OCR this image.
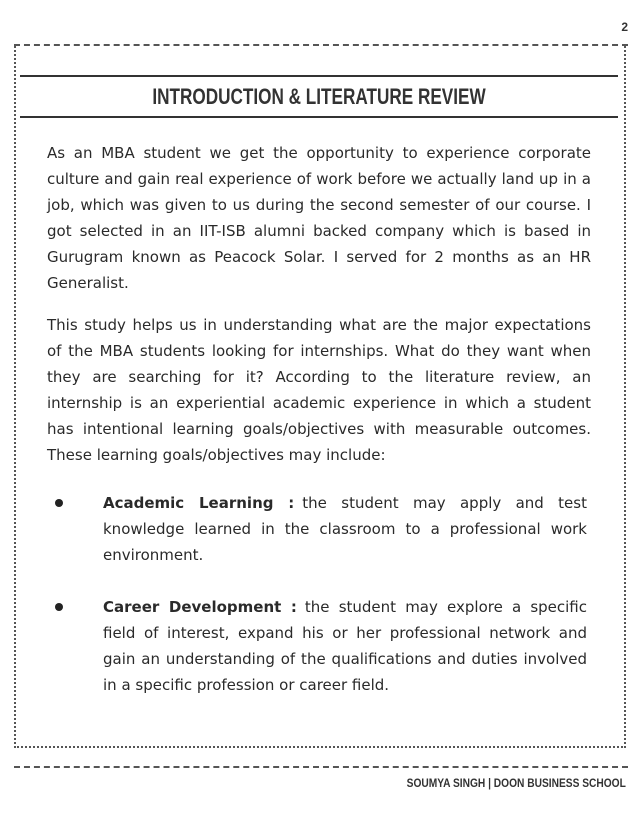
2
INTRODUCTION & LITERATURE REVIEW

As an MBA student we get the opportunity to experience corporate culture and gain real experience of work before we actually land up in a job, which was given to us during the second semester of our course. I got selected in an IIT-ISB alumni backed company which is based in Gurugram known as Peacock Solar. I served for 2 months as an HR Generalist.

This study helps us in understanding what are the major expectations of the MBA students looking for internships. What do they want when they are searching for it? According to the literature review, an internship is an experiential academic experience in which a student has intentional learning goals/objectives with measurable outcomes. These learning goals/objectives may include:

Academic Learning : the student may apply and test knowledge learned in the classroom to a professional work environment.
Career Development : the student may explore a specific field of interest, expand his or her professional network and gain an understanding of the qualifications and duties involved in a specific profession or career field.
SOUMYA SINGH | DOON BUSINESS SCHOOL
